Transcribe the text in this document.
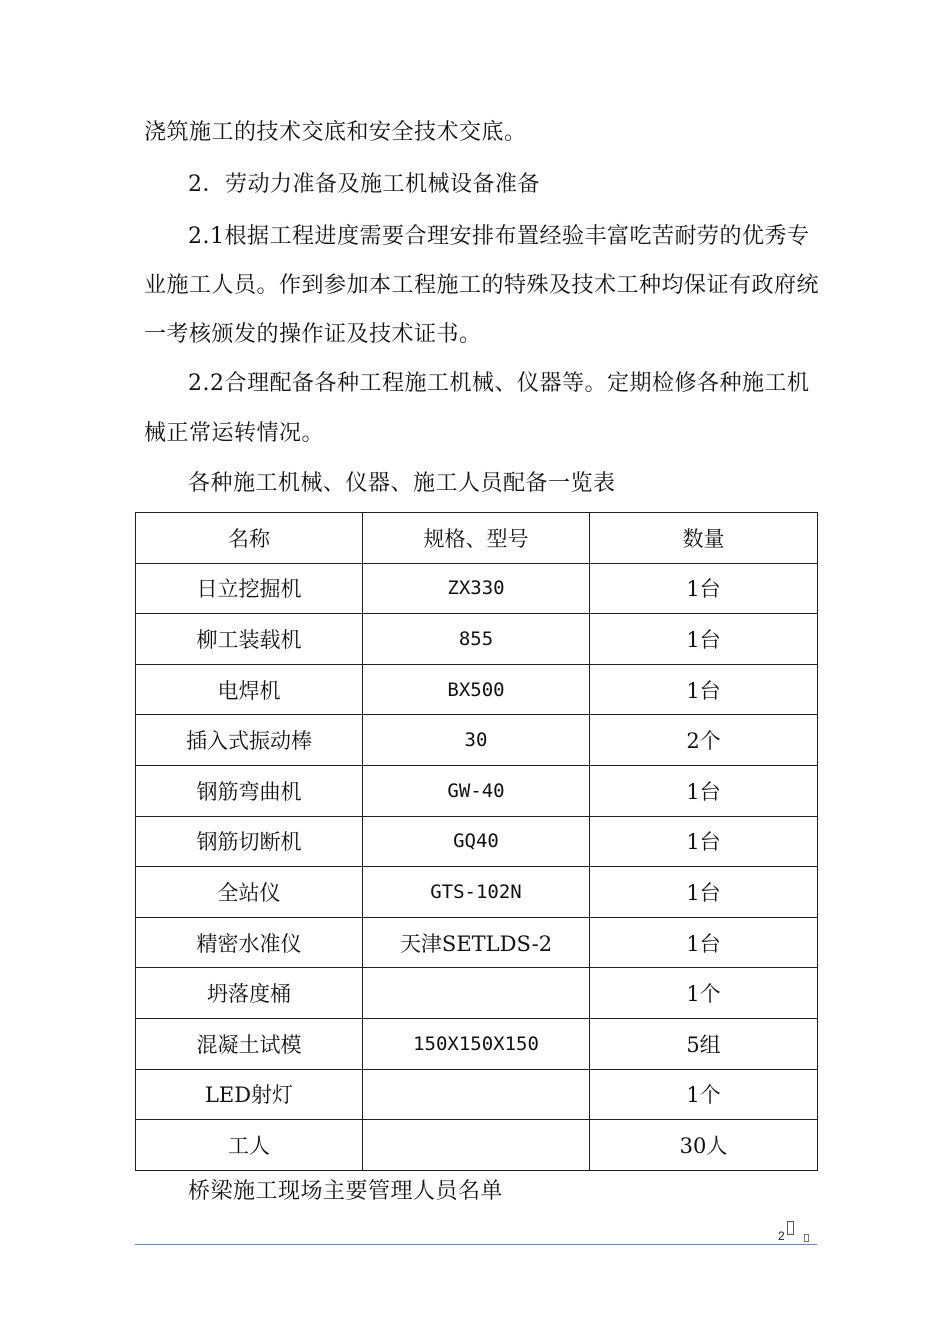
浇筑施工的技术交底和安全技术交底。
2．劳动力准备及施工机械设备准备
2.1根据工程进度需要合理安排布置经验丰富吃苦耐劳的优秀专
业施工人员。作到参加本工程施工的特殊及技术工种均保证有政府统
一考核颁发的操作证及技术证书。
2.2合理配备各种工程施工机械、仪器等。定期检修各种施工机
械正常运转情况。
各种施工机械、仪器、施工人员配备一览表
名称	规格、型号	数量
日立挖掘机	ZX330	1台
柳工装载机	855	1台
电焊机	BX500	1台
插入式振动棒	30	2个
钢筋弯曲机	GW-40	1台
钢筋切断机	GQ40	1台
全站仪	GTS-102N	1台
精密水准仪	天津SETLDS-2	1台
坍落度桶		1个
混凝土试模	150X150X150	5组
LED射灯		1个
工人		30人
桥梁施工现场主要管理人员名单
2
